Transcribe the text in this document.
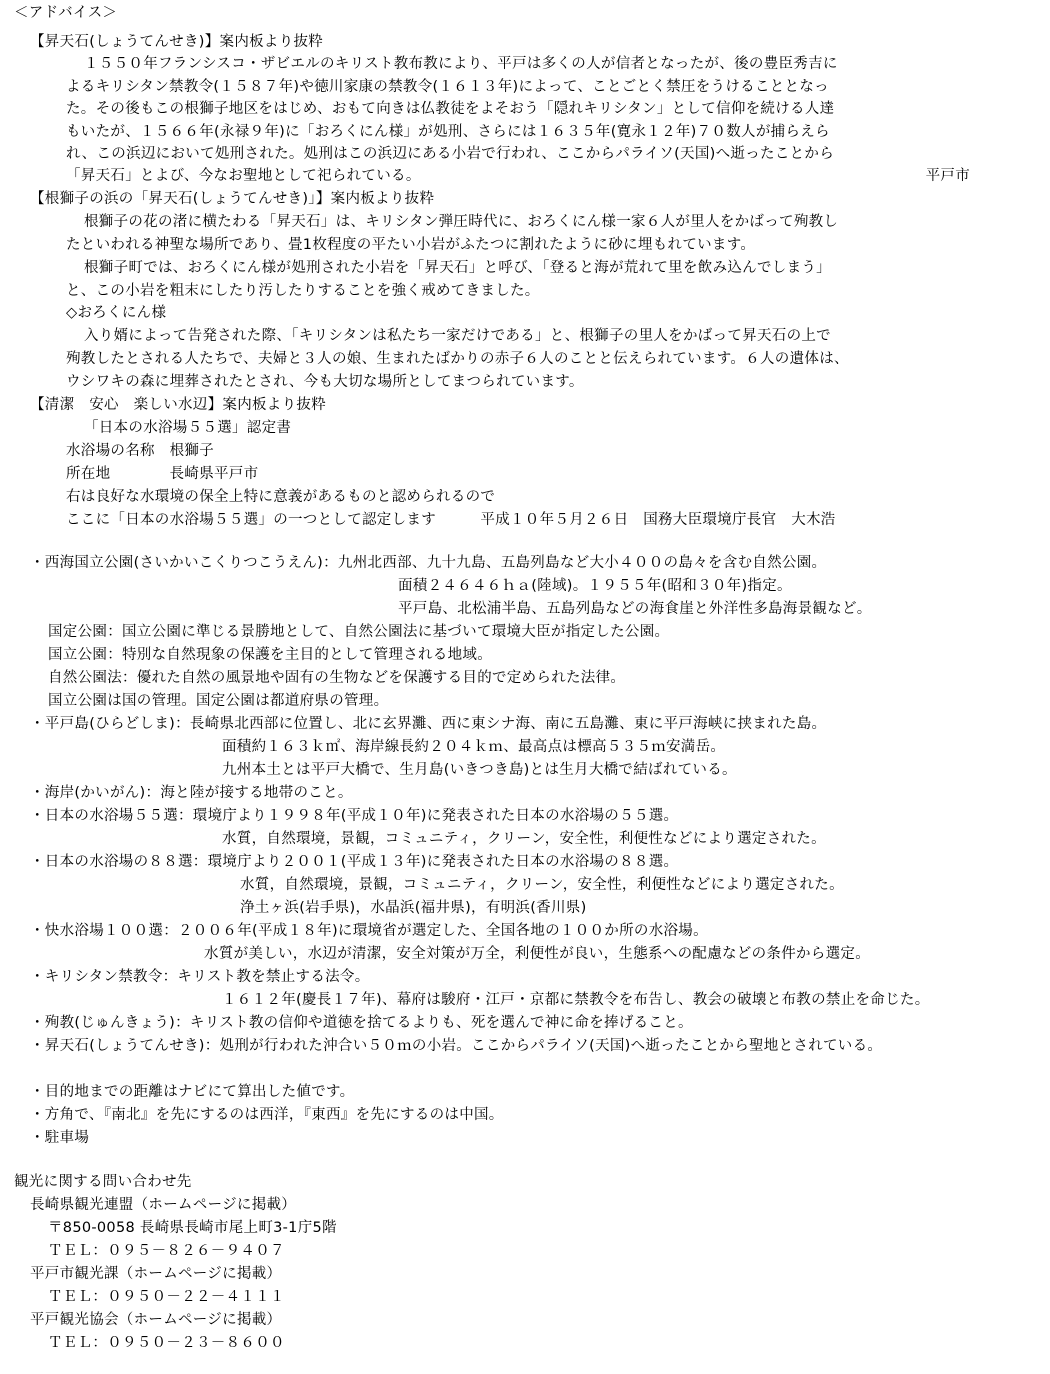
＜アドバイス＞
【昇天石(しょうてんせき)】案内板より抜粋
１５５０年フランシスコ・ザビエルのキリスト教布教により、平戸は多くの人が信者となったが、後の豊臣秀吉に
よるキリシタン禁教令(１５８７年)や徳川家康の禁教令(１６１３年)によって、ことごとく禁圧をうけることとなっ
た。その後もこの根獅子地区をはじめ、おもて向きは仏教徒をよそおう「隠れキリシタン」として信仰を続ける人達
もいたが、１５６６年(永禄９年)に「おろくにん様」が処刑、さらには１６３５年(寛永１２年)７０数人が捕らえら
れ、この浜辺において処刑された。処刑はこの浜辺にある小岩で行われ、ここからパライソ(天国)へ逝ったことから
「昇天石」とよび、今なお聖地として祀られている。	平戸市
【根獅子の浜の「昇天石(しょうてんせき)」】案内板より抜粋
根獅子の花の渚に横たわる「昇天石」は、キリシタン弾圧時代に、おろくにん様一家６人が里人をかばって殉教し
たといわれる神聖な場所であり、畳1枚程度の平たい小岩がふたつに割れたように砂に埋もれています。
根獅子町では、おろくにん様が処刑された小岩を「昇天石」と呼び、「登ると海が荒れて里を飲み込んでしまう」
と、この小岩を粗末にしたり汚したりすることを強く戒めてきました。
◇おろくにん様
入り婿によって告発された際、「キリシタンは私たち一家だけである」と、根獅子の里人をかばって昇天石の上で
殉教したとされる人たちで、夫婦と３人の娘、生まれたばかりの赤子６人のことと伝えられています。６人の遺体は、
ウシワキの森に埋葬されたとされ、今も大切な場所としてまつられています。
【清潔　安心　楽しい水辺】案内板より抜粋
「日本の水浴場５５選」認定書
水浴場の名称　根獅子
所在地　　　　長崎県平戸市
右は良好な水環境の保全上特に意義があるものと認められるので
ここに「日本の水浴場５５選」の一つとして認定します　　　平成１０年５月２６日　国務大臣環境庁長官　大木浩
・西海国立公園(さいかいこくりつこうえん)：九州北西部、九十九島、五島列島など大小４００の島々を含む自然公園。
面積２４６４６ｈａ(陸域)。１９５５年(昭和３０年)指定。
平戸島、北松浦半島、五島列島などの海食崖と外洋性多島海景観など。
国定公園：国立公園に準じる景勝地として、自然公園法に基づいて環境大臣が指定した公園。
国立公園：特別な自然現象の保護を主目的として管理される地域。
自然公園法：優れた自然の風景地や固有の生物などを保護する目的で定められた法律。
国立公園は国の管理。国定公園は都道府県の管理。
・平戸島(ひらどしま)：長崎県北西部に位置し、北に玄界灘、西に東シナ海、南に五島灘、東に平戸海峡に挟まれた島。
面積約１６３ｋ㎡、海岸線長約２０４ｋｍ、最高点は標高５３５ｍ安満岳。
九州本土とは平戸大橋で、生月島(いきつき島)とは生月大橋で結ばれている。
・海岸(かいがん)：海と陸が接する地帯のこと。
・日本の水浴場５５選：環境庁より１９９８年(平成１０年)に発表された日本の水浴場の５５選。
水質，自然環境，景観，コミュニティ，クリーン，安全性，利便性などにより選定された。
・日本の水浴場の８８選：環境庁より２００１(平成１３年)に発表された日本の水浴場の８８選。
水質，自然環境，景観，コミュニティ，クリーン，安全性，利便性などにより選定された。
浄土ヶ浜(岩手県)，水晶浜(福井県)，有明浜(香川県)
・快水浴場１００選：２００６年(平成１８年)に環境省が選定した、全国各地の１００か所の水浴場。
水質が美しい，水辺が清潔，安全対策が万全，利便性が良い，生態系への配慮などの条件から選定。
・キリシタン禁教令：キリスト教を禁止する法令。
１６１２年(慶長１７年)、幕府は駿府・江戸・京都に禁教令を布告し、教会の破壊と布教の禁止を命じた。
・殉教(じゅんきょう)：キリスト教の信仰や道徳を捨てるよりも、死を選んで神に命を捧げること。
・昇天石(しょうてんせき)：処刑が行われた沖合い５０ｍの小岩。ここからパライソ(天国)へ逝ったことから聖地とされている。
・目的地までの距離はナビにて算出した値です。
・方角で、『南北』を先にするのは西洋，『東西』を先にするのは中国。
・駐車場
観光に関する問い合わせ先
長崎県観光連盟（ホームページに掲載）
〒850-0058 長崎県長崎市尾上町3-1庁5階
ＴＥＬ：０９５－８２６－９４０７
平戸市観光課（ホームページに掲載）
ＴＥＬ：０９５０－２２－４１１１
平戸観光協会（ホームページに掲載）
ＴＥＬ：０９５０－２３－８６００
